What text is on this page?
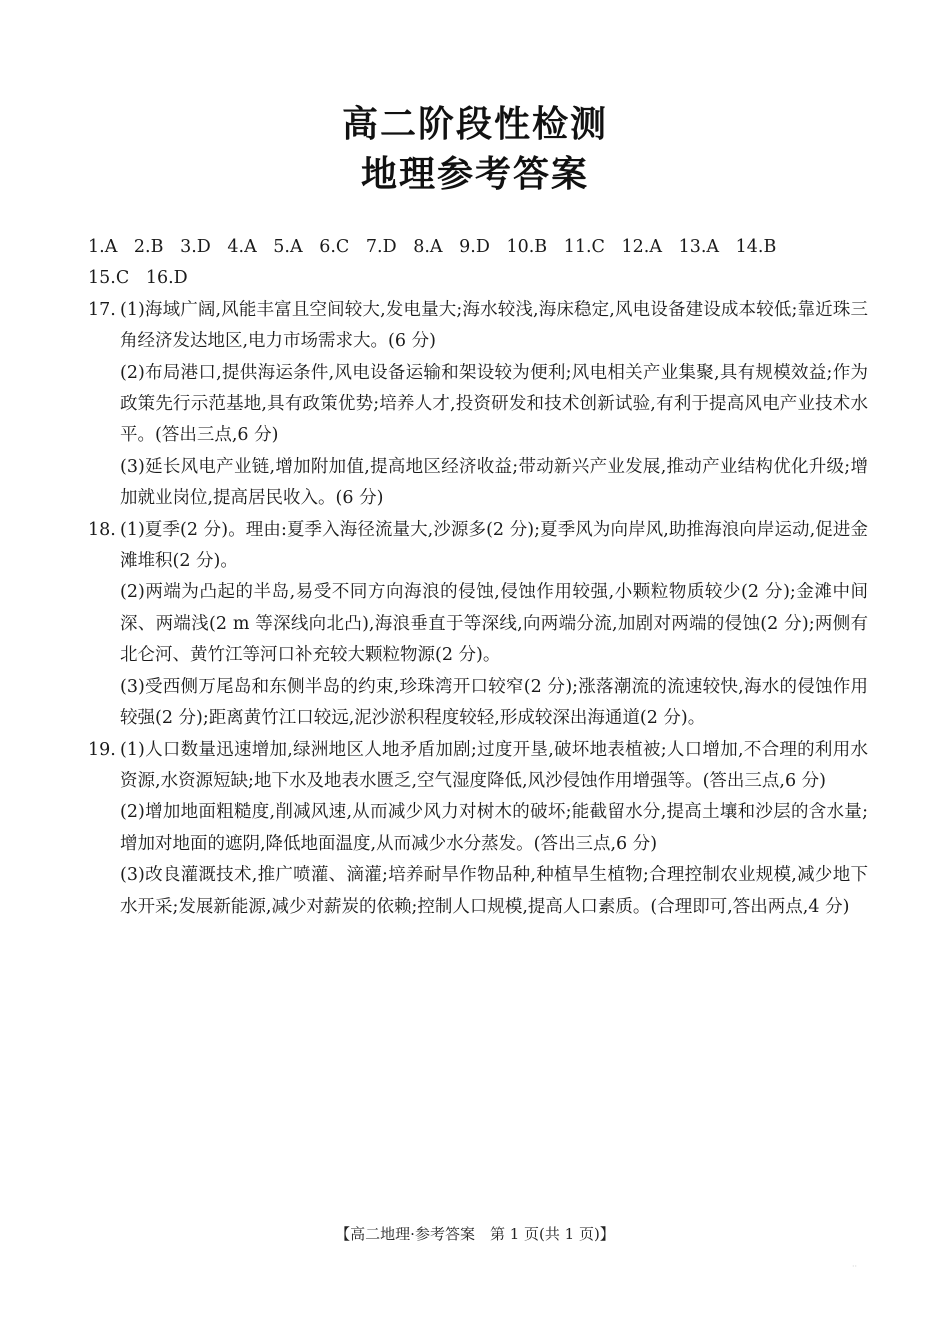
高二阶段性检测
地理参考答案
1.A 2.B 3.D 4.A 5.A 6.C 7.D 8.A 9.D 10.B 11.C 12.A 13.A 14.B
15.C 16.D
17. (1)海域广阔,风能丰富且空间较大,发电量大;海水较浅,海床稳定,风电设备建设成本较低;靠近珠三角经济发达地区,电力市场需求大。(6 分)
(2)布局港口,提供海运条件,风电设备运输和架设较为便利;风电相关产业集聚,具有规模效益;作为政策先行示范基地,具有政策优势;培养人才,投资研发和技术创新试验,有利于提高风电产业技术水平。(答出三点,6 分)
(3)延长风电产业链,增加附加值,提高地区经济收益;带动新兴产业发展,推动产业结构优化升级;增加就业岗位,提高居民收入。(6 分)
18. (1)夏季(2 分)。理由:夏季入海径流量大,沙源多(2 分);夏季风为向岸风,助推海浪向岸运动,促进金滩堆积(2 分)。
(2)两端为凸起的半岛,易受不同方向海浪的侵蚀,侵蚀作用较强,小颗粒物质较少(2 分);金滩中间深、两端浅(2 m 等深线向北凸),海浪垂直于等深线,向两端分流,加剧对两端的侵蚀(2 分);两侧有北仑河、黄竹江等河口补充较大颗粒物源(2 分)。
(3)受西侧万尾岛和东侧半岛的约束,珍珠湾开口较窄(2 分);涨落潮流的流速较快,海水的侵蚀作用较强(2 分);距离黄竹江口较远,泥沙淤积程度较轻,形成较深出海通道(2 分)。
19. (1)人口数量迅速增加,绿洲地区人地矛盾加剧;过度开垦,破坏地表植被;人口增加,不合理的利用水资源,水资源短缺;地下水及地表水匮乏,空气湿度降低,风沙侵蚀作用增强等。(答出三点,6 分)
(2)增加地面粗糙度,削减风速,从而减少风力对树木的破坏;能截留水分,提高土壤和沙层的含水量;增加对地面的遮阴,降低地面温度,从而减少水分蒸发。(答出三点,6 分)
(3)改良灌溉技术,推广喷灌、滴灌;培养耐旱作物品种,种植旱生植物;合理控制农业规模,减少地下水开采;发展新能源,减少对薪炭的依赖;控制人口规模,提高人口素质。(合理即可,答出两点,4 分)
【高二地理·参考答案　第 1 页(共 1 页)】
··
